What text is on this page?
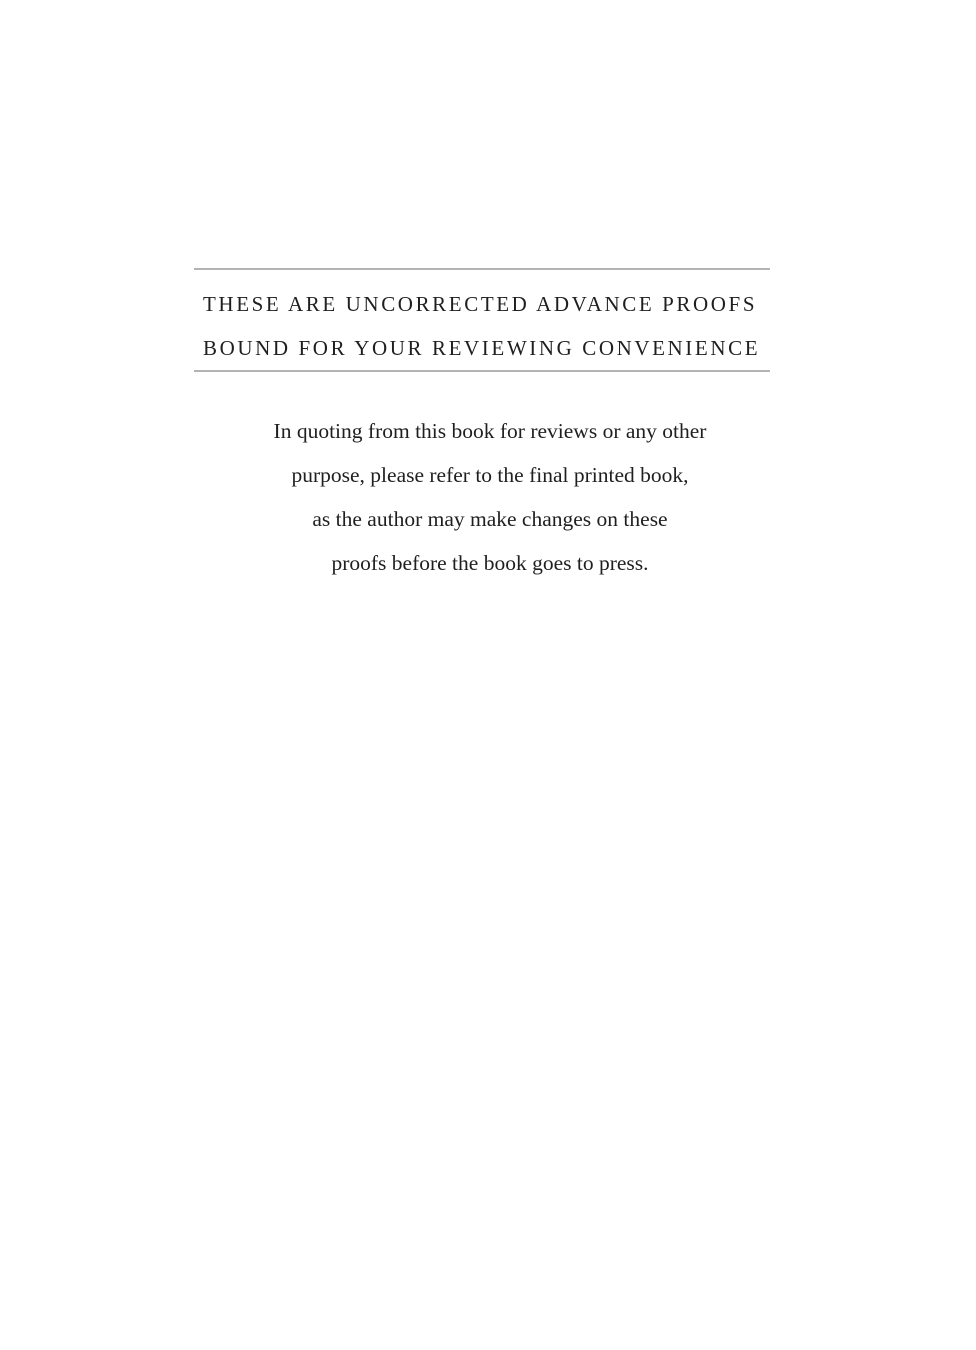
THESE ARE UNCORRECTED ADVANCE PROOFS
BOUND FOR YOUR REVIEWING CONVENIENCE
In quoting from this book for reviews or any other
purpose, please refer to the final printed book,
as the author may make changes on these
proofs before the book goes to press.
